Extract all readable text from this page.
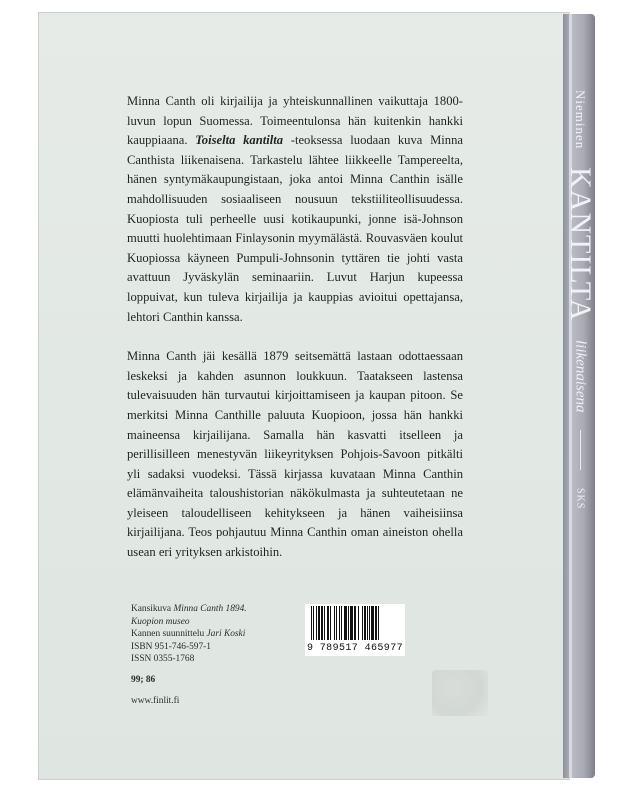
Nieminen
KANTILTA
liikenaisena
SKS

Minna Canth oli kirjailija ja yhteiskunnallinen vaikuttaja 1800-luvun lopun Suomessa. Toimeentulonsa hän kuitenkin hankki kauppiaana. Toiselta kantilta -teoksessa luodaan kuva Minna Canthista liikenaisena. Tarkastelu lähtee liikkeelle Tampereelta, hänen syntymäkaupungistaan, joka antoi Minna Canthin isälle mahdollisuuden sosiaaliseen nousuun tekstiiliteollisuudessa. Kuopiosta tuli perheelle uusi kotikaupunki, jonne isä-Johnson muutti huolehtimaan Finlaysonin myymälästä. Rouvasväen koulut Kuopiossa käyneen Pumpuli-Johnsonin tyttären tie johti vasta avattuun Jyväskylän seminaariin. Luvut Harjun kupeessa loppuivat, kun tuleva kirjailija ja kauppias avioitui opettajansa, lehtori Canthin kanssa.

Minna Canth jäi kesällä 1879 seitsemättä lastaan odottaessaan leskeksi ja kahden asunnon loukkuun. Taatakseen lastensa tulevaisuuden hän turvautui kirjoittamiseen ja kaupan pitoon. Se merkitsi Minna Canthille paluuta Kuopioon, jossa hän hankki maineensa kirjailijana. Samalla hän kasvatti itselleen ja perillisilleen menestyvän liikeyrityksen Pohjois-Savoon pitkälti yli sadaksi vuodeksi. Tässä kirjassa kuvataan Minna Canthin elämänvaiheita taloushistorian näkökulmasta ja suhteutetaan ne yleiseen taloudelliseen kehitykseen ja hänen vaiheisiinsa kirjailijana. Teos pohjautuu Minna Canthin oman aineiston ohella usean eri yrityksen arkistoihin.

Kansikuva Minna Canth 1894.
Kuopion museo
Kannen suunnittelu Jari Koski
ISBN 951-746-597-1
ISSN 0355-1768
99; 86
www.finlit.fi
9 789517 465977
